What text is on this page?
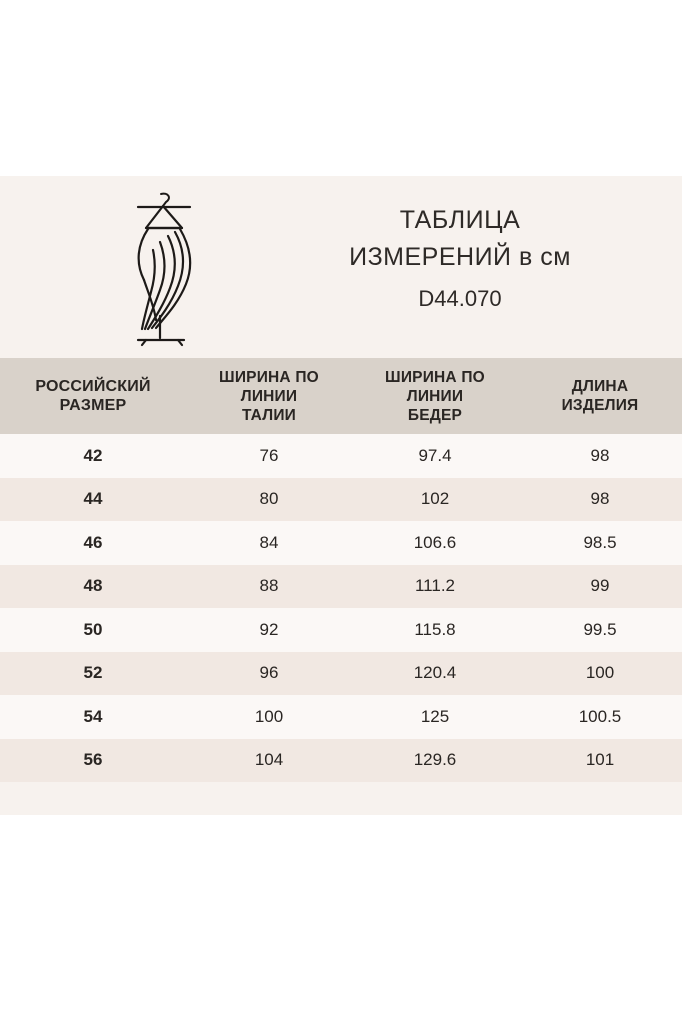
ТАБЛИЦА
ИЗМЕРЕНИЙ в см
D44.070
РОССИЙСКИЙ
РАЗМЕР

ШИРИНА ПО
ЛИНИИ
ТАЛИИ

ШИРИНА ПО
ЛИНИИ
БЕДЕР

ДЛИНА
ИЗДЕЛИЯ

42	76	97.4	98
44	80	102	98
46	84	106.6	98.5
48	88	111.2	99
50	92	115.8	99.5
52	96	120.4	100
54	100	125	100.5
56	104	129.6	101
